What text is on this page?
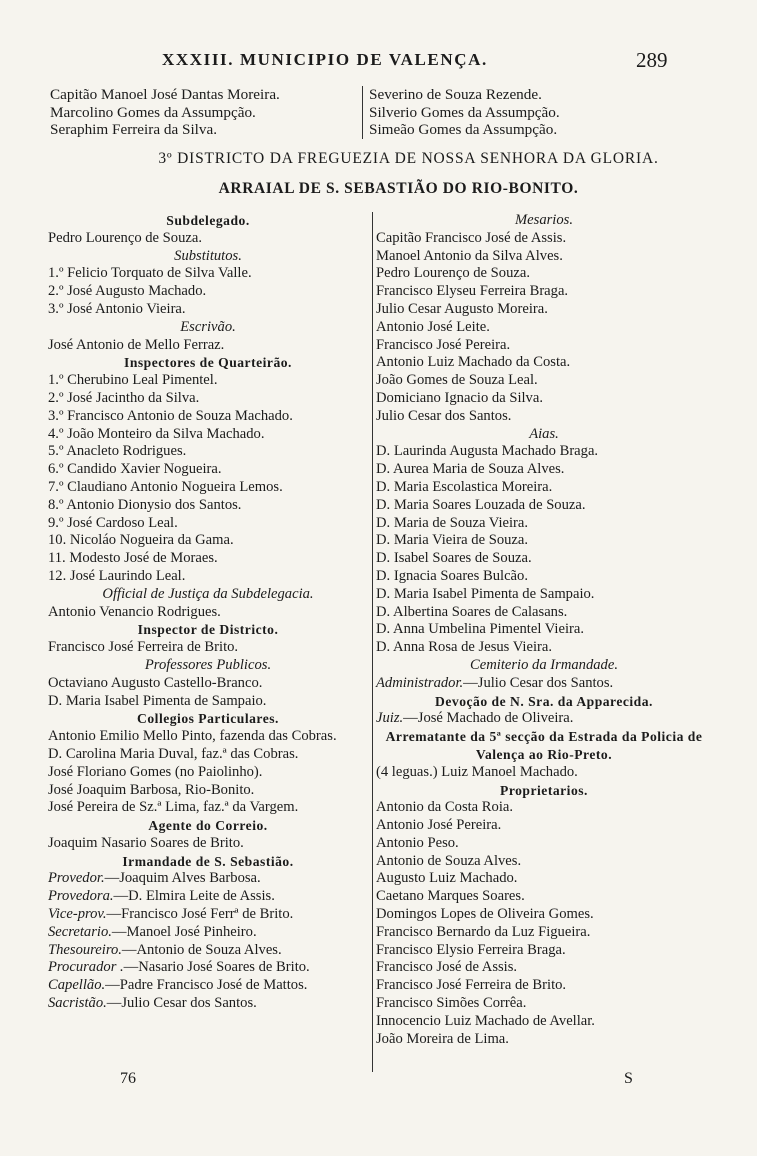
XXXIII. MUNICIPIO DE VALENÇA.	289
Capitão Manoel José Dantas Moreira.
Marcolino Gomes da Assumpção.
Seraphim Ferreira da Silva.
Severino de Souza Rezende.
Silverio Gomes da Assumpção.
Simeão Gomes da Assumpção.
3º DISTRICTO DA FREGUEZIA DE NOSSA SENHORA DA GLORIA.
ARRAIAL DE S. SEBASTIÃO DO RIO-BONITO.
Subdelegado.
Pedro Lourenço de Souza.
Substitutos.
1.º Felicio Torquato de Silva Valle.
2.º José Augusto Machado.
3.º José Antonio Vieira.
Escrivão.
José Antonio de Mello Ferraz.
Inspectores de Quarteirão.
1.º Cherubino Leal Pimentel.
2.º José Jacintho da Silva.
3.º Francisco Antonio de Souza Machado.
4.º João Monteiro da Silva Machado.
5.º Anacleto Rodrigues.
6.º Candido Xavier Nogueira.
7.º Claudiano Antonio Nogueira Lemos.
8.º Antonio Dionysio dos Santos.
9.º José Cardoso Leal.
10. Nicoláo Nogueira da Gama.
11. Modesto José de Moraes.
12. José Laurindo Leal.
Official de Justiça da Subdelegacia.
Antonio Venancio Rodrigues.
Inspector de Districto.
Francisco José Ferreira de Brito.
Professores Publicos.
Octaviano Augusto Castello-Branco.
D. Maria Isabel Pimenta de Sampaio.
Collegios Particulares.
Antonio Emilio Mello Pinto, fazenda das Cobras.
D. Carolina Maria Duval, faz.ª das Cobras.
José Floriano Gomes (no Paiolinho).
José Joaquim Barbosa, Rio-Bonito.
José Pereira de Sz.ª Lima, faz.ª da Vargem.
Agente do Correio.
Joaquim Nasario Soares de Brito.
Irmandade de S. Sebastião.
Provedor.—Joaquim Alves Barbosa.
Provedora.—D. Elmira Leite de Assis.
Vice-prov.—Francisco José Ferrª de Brito.
Secretario.—Manoel José Pinheiro.
Thesoureiro.—Antonio de Souza Alves.
Procurador .—Nasario José Soares de Brito.
Capellão.—Padre Francisco José de Mattos.
Sacristão.—Julio Cesar dos Santos.
Mesarios.
Capitão Francisco José de Assis.
Manoel Antonio da Silva Alves.
Pedro Lourenço de Souza.
Francisco Elyseu Ferreira Braga.
Julio Cesar Augusto Moreira.
Antonio José Leite.
Francisco José Pereira.
Antonio Luiz Machado da Costa.
João Gomes de Souza Leal.
Domiciano Ignacio da Silva.
Julio Cesar dos Santos.
Aias.
D. Laurinda Augusta Machado Braga.
D. Aurea Maria de Souza Alves.
D. Maria Escolastica Moreira.
D. Maria Soares Louzada de Souza.
D. Maria de Souza Vieira.
D. Maria Vieira de Souza.
D. Isabel Soares de Souza.
D. Ignacia Soares Bulcão.
D. Maria Isabel Pimenta de Sampaio.
D. Albertina Soares de Calasans.
D. Anna Umbelina Pimentel Vieira.
D. Anna Rosa de Jesus Vieira.
Cemiterio da Irmandade.
Administrador.—Julio Cesar dos Santos.
Devoção de N. Sra. da Apparecida.
Juiz.—José Machado de Oliveira.
Arrematante da 5ª secção da Estrada da Policia de Valença ao Rio-Preto.
(4 leguas.) Luiz Manoel Machado.
Proprietarios.
Antonio da Costa Roia.
Antonio José Pereira.
Antonio Peso.
Antonio de Souza Alves.
Augusto Luiz Machado.
Caetano Marques Soares.
Domingos Lopes de Oliveira Gomes.
Francisco Bernardo da Luz Figueira.
Francisco Elysio Ferreira Braga.
Francisco José de Assis.
Francisco José Ferreira de Brito.
Francisco Simões Corrêa.
Innocencio Luiz Machado de Avellar.
João Moreira de Lima.
76	S
